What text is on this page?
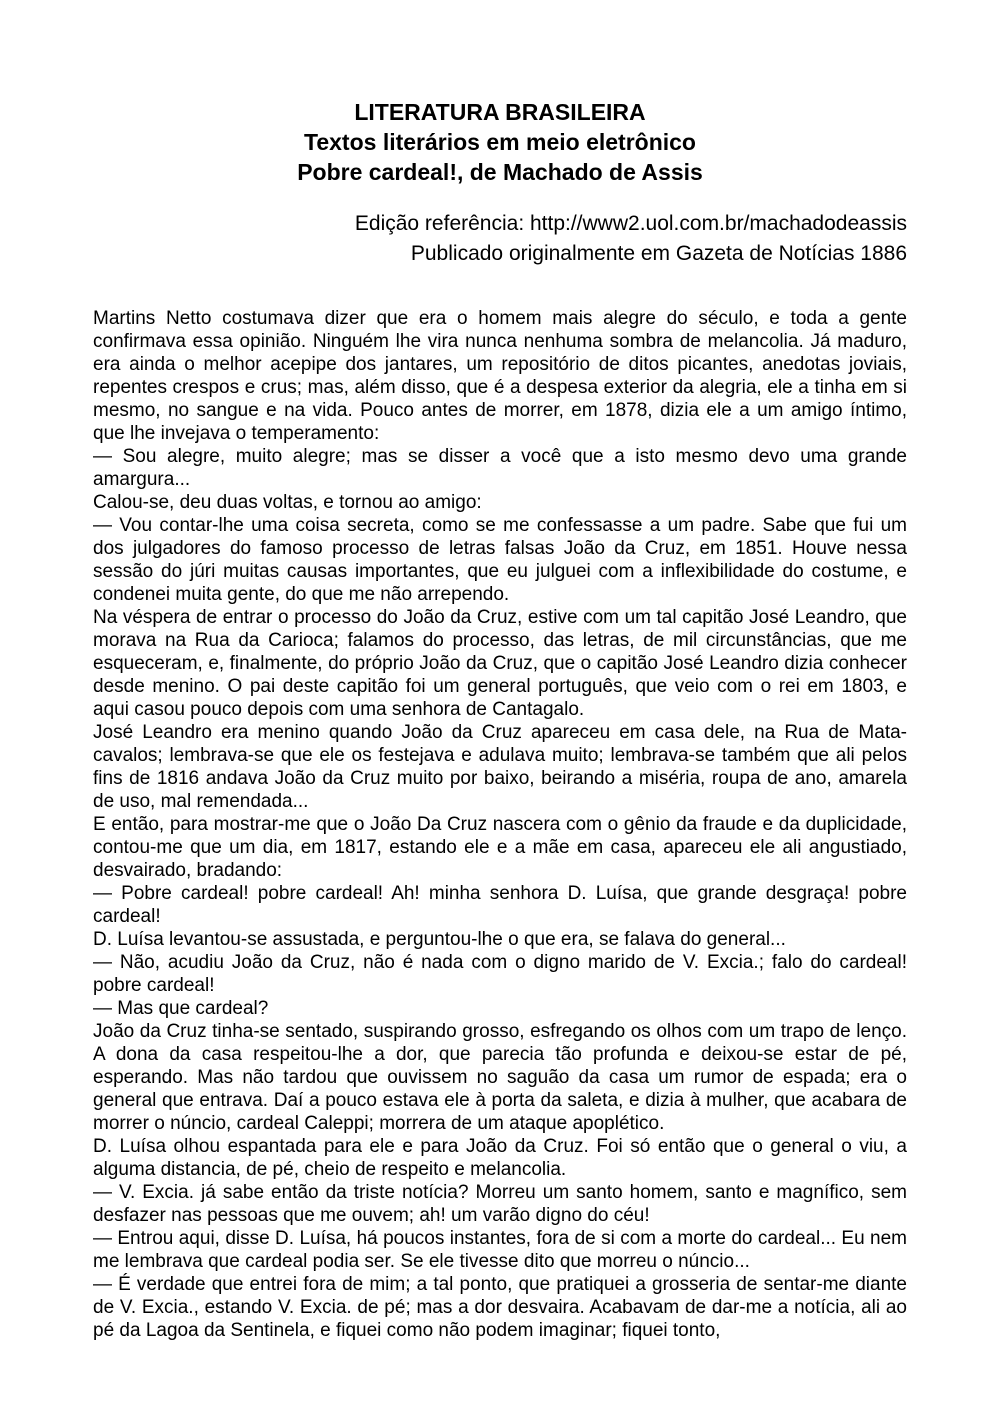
LITERATURA BRASILEIRA
Textos literários em meio eletrônico
Pobre cardeal!, de Machado de Assis
Edição referência: http://www2.uol.com.br/machadodeassis
Publicado originalmente em Gazeta de Notícias 1886

Martins Netto costumava dizer que era o homem mais alegre do século, e toda a gente confirmava essa opinião. Ninguém lhe vira nunca nenhuma sombra de melancolia. Já maduro, era ainda o melhor acepipe dos jantares, um repositório de ditos picantes, anedotas joviais, repentes crespos e crus; mas, além disso, que é a despesa exterior da alegria, ele a tinha em si mesmo, no sangue e na vida. Pouco antes de morrer, em 1878, dizia ele a um amigo íntimo, que lhe invejava o temperamento:

— Sou alegre, muito alegre; mas se disser a você que a isto mesmo devo uma grande amargura...

Calou-se, deu duas voltas, e tornou ao amigo:

— Vou contar-lhe uma coisa secreta, como se me confessasse a um padre. Sabe que fui um dos julgadores do famoso processo de letras falsas João da Cruz, em 1851. Houve nessa sessão do júri muitas causas importantes, que eu julguei com a inflexibilidade do costume, e condenei muita gente, do que me não arrependo.

Na véspera de entrar o processo do João da Cruz, estive com um tal capitão José Leandro, que morava na Rua da Carioca; falamos do processo, das letras, de mil circunstâncias, que me esqueceram, e, finalmente, do próprio João da Cruz, que o capitão José Leandro dizia conhecer desde menino. O pai deste capitão foi um general português, que veio com o rei em 1803, e aqui casou pouco depois com uma senhora de Cantagalo.

José Leandro era menino quando João da Cruz apareceu em casa dele, na Rua de Mata-cavalos; lembrava-se que ele os festejava e adulava muito; lembrava-se também que ali pelos fins de 1816 andava João da Cruz muito por baixo, beirando a miséria, roupa de ano, amarela de uso, mal remendada...

E então, para mostrar-me que o João Da Cruz nascera com o gênio da fraude e da duplicidade, contou-me que um dia, em 1817, estando ele e a mãe em casa, apareceu ele ali angustiado, desvairado, bradando:

— Pobre cardeal! pobre cardeal! Ah! minha senhora D. Luísa, que grande desgraça! pobre cardeal!

D. Luísa levantou-se assustada, e perguntou-lhe o que era, se falava do general...

— Não, acudiu João da Cruz, não é nada com o digno marido de V. Excia.; falo do cardeal! pobre cardeal!

— Mas que cardeal?

João da Cruz tinha-se sentado, suspirando grosso, esfregando os olhos com um trapo de lenço. A dona da casa respeitou-lhe a dor, que parecia tão profunda e deixou-se estar de pé, esperando. Mas não tardou que ouvissem no saguão da casa um rumor de espada; era o general que entrava. Daí a pouco estava ele à porta da saleta, e dizia à mulher, que acabara de morrer o núncio, cardeal Caleppi; morrera de um ataque apoplético.

D. Luísa olhou espantada para ele e para João da Cruz. Foi só então que o general o viu, a alguma distancia, de pé, cheio de respeito e melancolia.

— V. Excia. já sabe então da triste notícia? Morreu um santo homem, santo e magnífico, sem desfazer nas pessoas que me ouvem; ah! um varão digno do céu!

— Entrou aqui, disse D. Luísa, há poucos instantes, fora de si com a morte do cardeal... Eu nem me lembrava que cardeal podia ser. Se ele tivesse dito que morreu o núncio...

— É verdade que entrei fora de mim; a tal ponto, que pratiquei a grosseria de sentar-me diante de V. Excia., estando V. Excia. de pé; mas a dor desvaira. Acabavam de dar-me a notícia, ali ao pé da Lagoa da Sentinela, e fiquei como não podem imaginar; fiquei tonto,
